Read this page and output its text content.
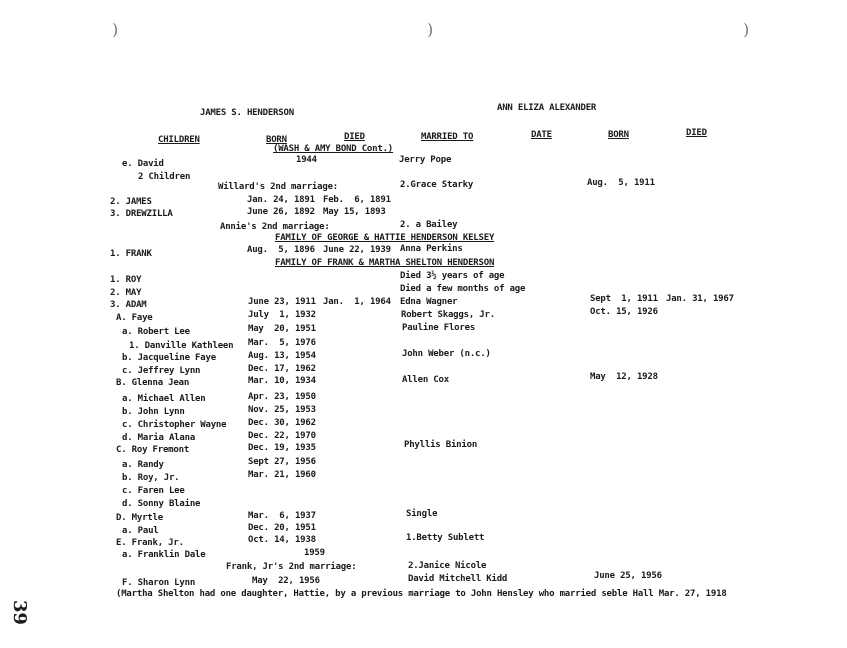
)	)	)
JAMES S. HENDERSON	ANN ELIZA ALEXANDER
CHILDREN	BORN	DIED	MARRIED TO	DATE	BORN	DIED
(WASH & AMY BOND Cont.)
e. David	1944	Jerry Pope
2 Children
Willard's 2nd marriage:	2.Grace Starky	Aug.  5, 1911
2. JAMES	Jan. 24, 1891 Feb.  6, 1891
3. DREWZILLA	June 26, 1892 May 15, 1893
Annie's 2nd marriage:	2. a Bailey
FAMILY OF GEORGE & HATTIE HENDERSON KELSEY
1. FRANK	Aug.  5, 1896 June 22, 1939 Anna Perkins
FAMILY OF FRANK & MARTHA SHELTON HENDERSON
1. ROY	Died 3½ years of age
2. MAY	Died a few months of age
3. ADAM	June 23, 1911 Jan.  1, 1964 Edna Wagner	Sept  1, 1911 Jan. 31, 1967
A. Faye	July  1, 1932	Robert Skaggs, Jr.	Oct. 15, 1926
a. Robert Lee	May  20, 1951	Pauline Flores
1. Danville Kathleen Mar.  5, 1976
b. Jacqueline Faye	Aug. 13, 1954	John Weber (n.c.)
c. Jeffrey Lynn	Dec. 17, 1962
B. Glenna Jean	Mar. 10, 1934	Allen Cox	May  12, 1928
a. Michael Allen	Apr. 23, 1950
b. John Lynn	Nov. 25, 1953
c. Christopher Wayne Dec. 30, 1962
d. Maria Alana	Dec. 22, 1970
C. Roy Fremont	Dec. 19, 1935	Phyllis Binion
a. Randy	Sept 27, 1956
b. Roy, Jr.	Mar. 21, 1960
c. Faren Lee
d. Sonny Blaine
D. Myrtle	Mar.  6, 1937	Single
a. Paul	Dec. 20, 1951
E. Frank, Jr.	Oct. 14, 1938	1.Betty Sublett
a. Franklin Dale	1959
Frank, Jr's 2nd marriage:	2.Janice Nicole
F. Sharon Lynn	May  22, 1956	David Mitchell Kidd	June 25, 1956
(Martha Shelton had one daughter, Hattie, by a previous marriage to John Hensley who married seble Hall Mar. 27, 1918
39
